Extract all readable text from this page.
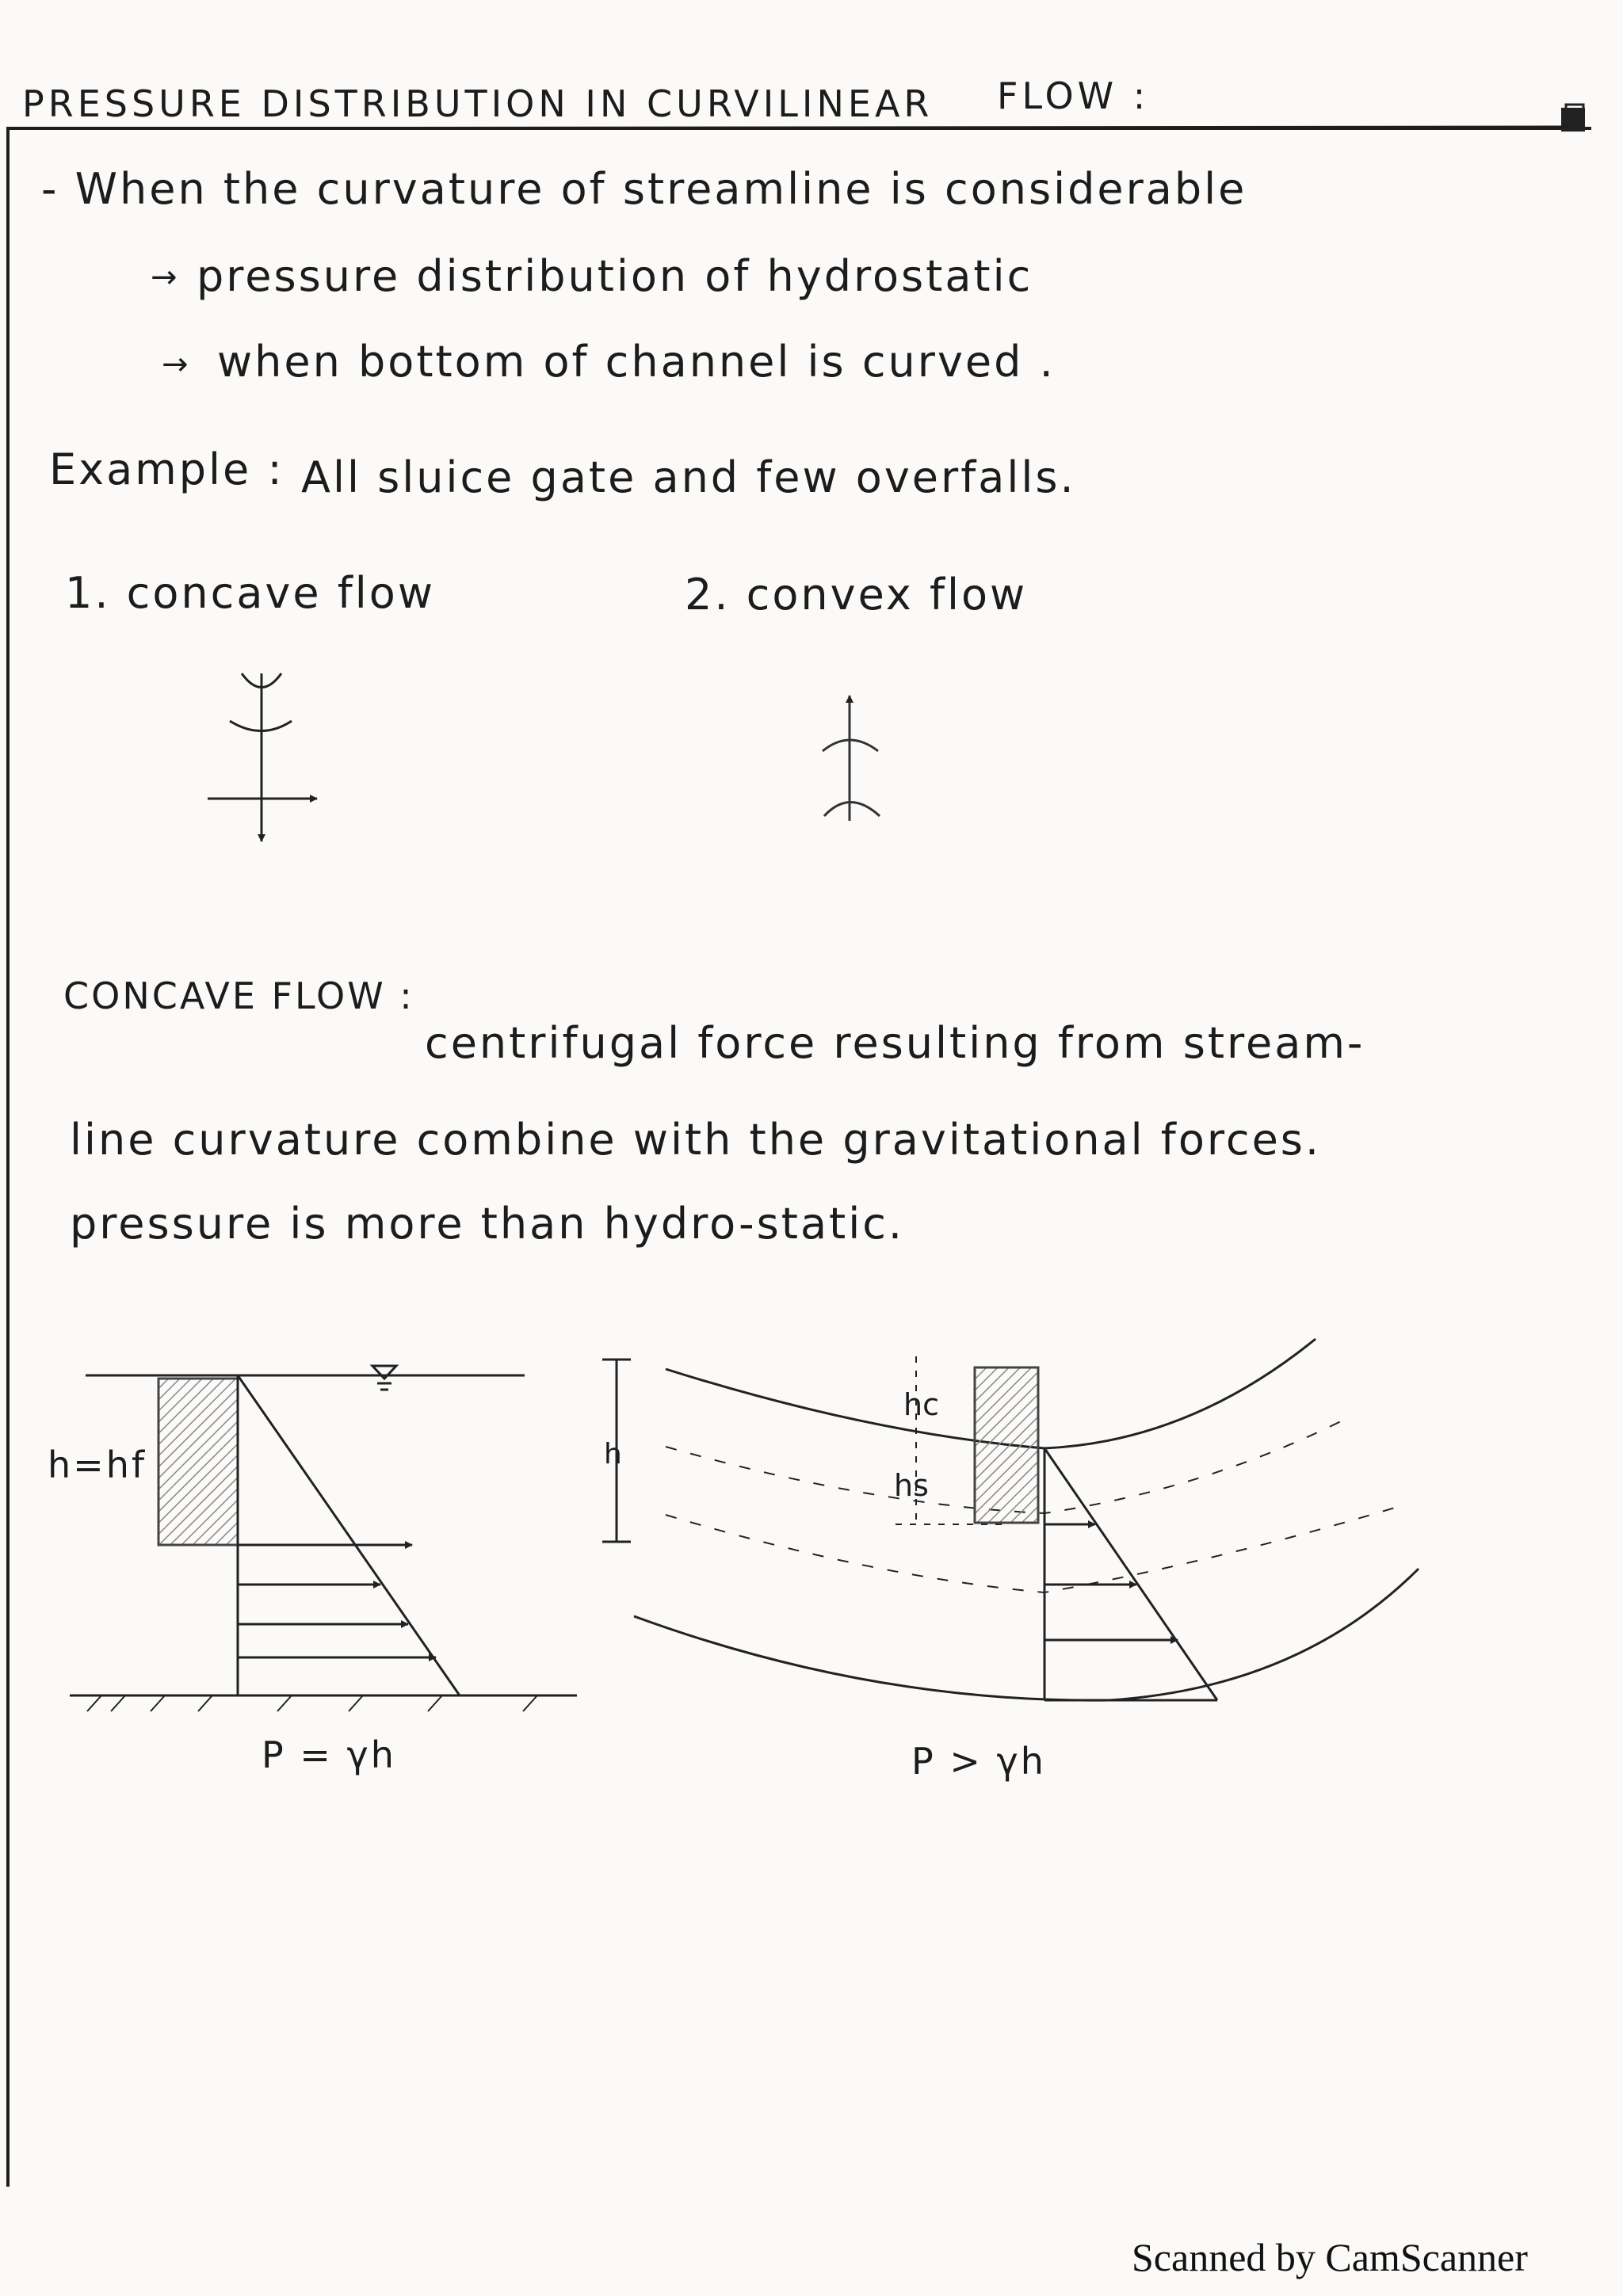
PRESSURE DISTRIBUTION IN CURVILINEAR FLOW :
- When the curvature of streamline is considerable
→ pressure distribution of hydrostatic
→ when bottom of channel is curved .
Example : All sluice gate and few overfalls.
1. concave flow	2. convex flow
CONCAVE FLOW :
centrifugal force resulting from stream-
line curvature combine with the gravitational forces.
pressure is more than hydro-static.
h=hf
P = γh
h
hc
hs
P > γh
Scanned by CamScanner
